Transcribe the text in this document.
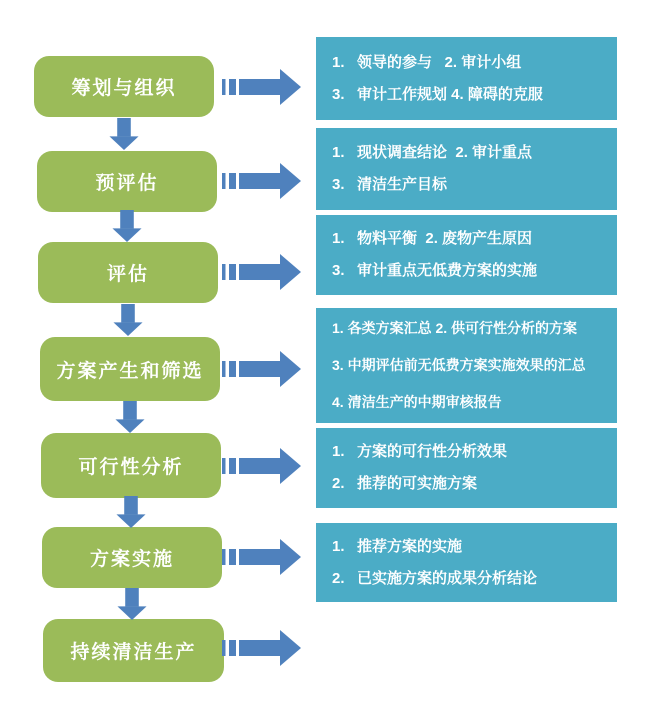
筹划与组织
预评估
评估
方案产生和筛选
可行性分析
方案实施
持续清洁生产
1.   领导的参与   2. 审计小组
3.   审计工作规划 4. 障碍的克服
1.   现状调查结论  2. 审计重点
3.   清洁生产目标
1.   物料平衡  2. 废物产生原因
3.   审计重点无低费方案的实施
1. 各类方案汇总 2. 供可行性分析的方案
3. 中期评估前无低费方案实施效果的汇总
4. 清洁生产的中期审核报告
1.   方案的可行性分析效果
2.   推荐的可实施方案
1.   推荐方案的实施
2.   已实施方案的成果分析结论
